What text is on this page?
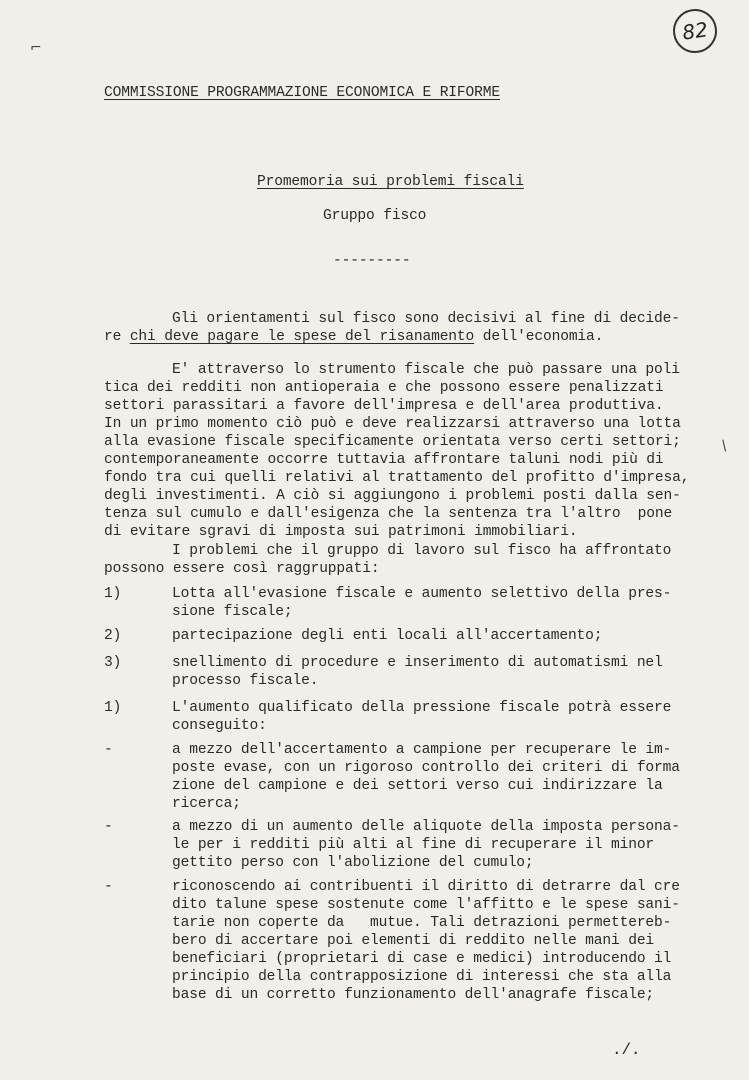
82
⌐
/
COMMISSIONE PROGRAMMAZIONE ECONOMICA E RIFORME
Promemoria sui problemi fiscali
Gruppo fisco
---------
Gli orientamenti sul fisco sono decisivi al fine di decide-
re chi deve pagare le spese del risanamento dell'economia.
E' attraverso lo strumento fiscale che può passare una poli
tica dei redditi non antioperaia e che possono essere penalizzati
settori parassitari a favore dell'impresa e dell'area produttiva.
In un primo momento ciò può e deve realizzarsi attraverso una lotta
alla evasione fiscale specificamente orientata verso certi settori;
contemporaneamente occorre tuttavia affrontare taluni nodi più di
fondo tra cui quelli relativi al trattamento del profitto d'impresa,
degli investimenti. A ciò si aggiungono i problemi posti dalla sen-
tenza sul cumulo e dall'esigenza che la sentenza tra l'altro  pone
di evitare sgravi di imposta sui patrimoni immobiliari.
I problemi che il gruppo di lavoro sul fisco ha affrontato
possono essere così raggruppati:
1)	Lotta all'evasione fiscale e aumento selettivo della pres-
sione fiscale;
2)	partecipazione degli enti locali all'accertamento;
3)	snellimento di procedure e inserimento di automatismi nel
processo fiscale.
1)	L'aumento qualificato della pressione fiscale potrà essere
conseguito:
-	a mezzo dell'accertamento a campione per recuperare le im-
poste evase, con un rigoroso controllo dei criteri di forma
zione del campione e dei settori verso cui indirizzare la
ricerca;
-	a mezzo di un aumento delle aliquote della imposta persona-
le per i redditi più alti al fine di recuperare il minor
gettito perso con l'abolizione del cumulo;
-	riconoscendo ai contribuenti il diritto di detrarre dal cre
dito talune spese sostenute come l'affitto e le spese sani-
tarie non coperte da   mutue. Tali detrazioni permetterеb-
bero di accertare poi elementi di reddito nelle mani dei
beneficiari (proprietari di case e medici) introducendo il
principio della contrapposizione di interessi che sta alla
base di un corretto funzionamento dell'anagrafe fiscale;
./.
